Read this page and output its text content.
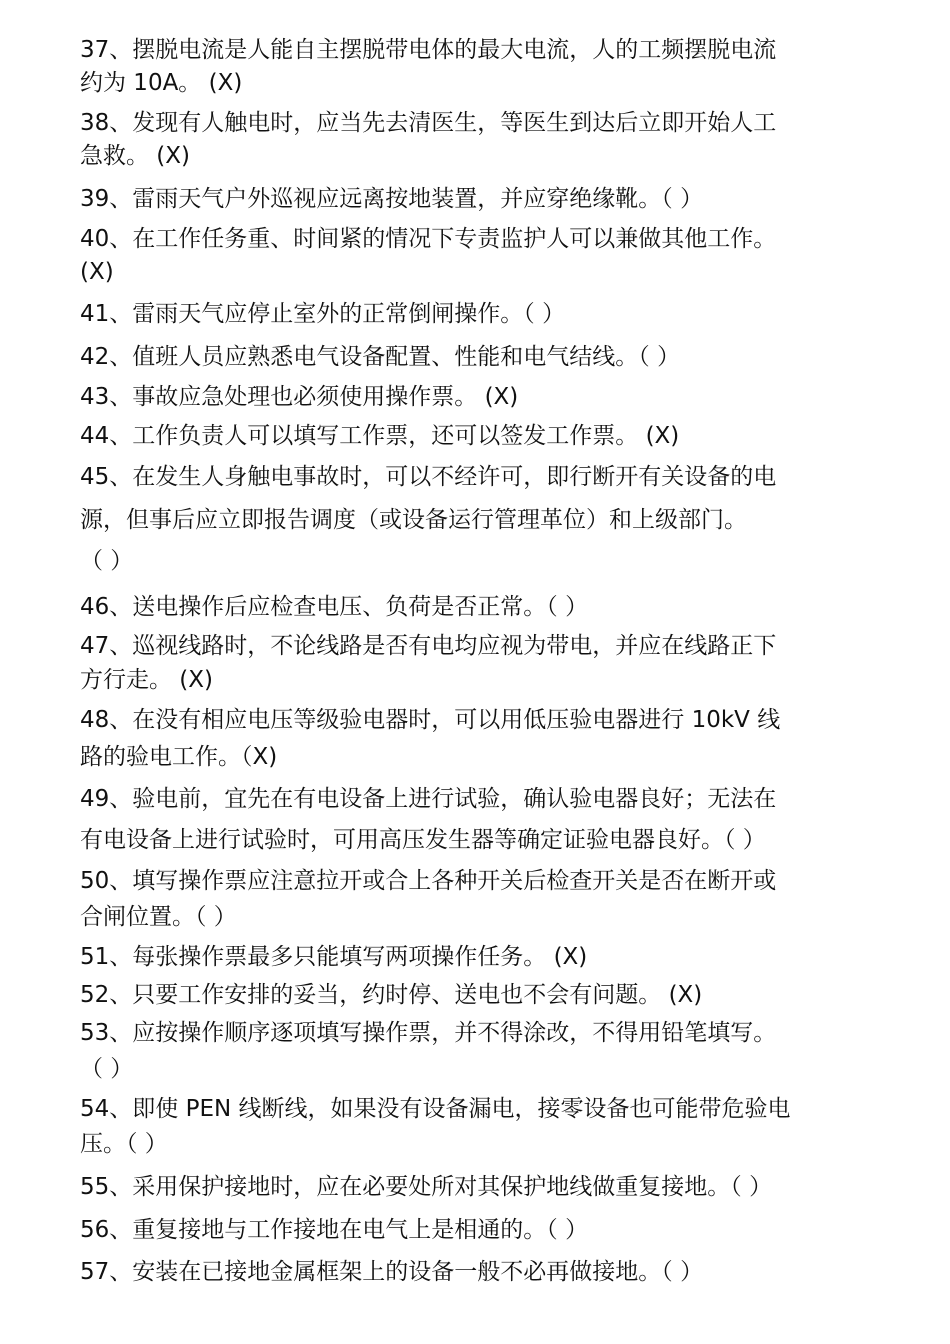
37、摆脱电流是人能自主摆脱带电体的最大电流，人的工频摆脱电流
约为 10A。 (X)
38、发现有人触电时，应当先去清医生，等医生到达后立即开始人工
急救。 (X)
39、雷雨天气户外巡视应远离按地装置，并应穿绝缘靴。（ ）
40、在工作任务重、时间紧的情况下专责监护人可以兼做其他工作。
(X)
41、雷雨天气应停止室外的正常倒闸操作。（ ）
42、值班人员应熟悉电气设备配置、性能和电气结线。（ ）
43、事故应急处理也必须使用操作票。 (X)
44、工作负责人可以填写工作票，还可以签发工作票。 (X)
45、在发生人身触电事故时，可以不经许可，即行断开有关设备的电
源，但事后应立即报告调度（或设备运行管理革位）和上级部门。
（ ）
46、送电操作后应检查电压、负荷是否正常。（ ）
47、巡视线路时，不论线路是否有电均应视为带电，并应在线路正下
方行走。 (X)
48、在没有相应电压等级验电器时，可以用低压验电器进行 10kV 线
路的验电工作。（X)
49、验电前，宜先在有电设备上进行试验，确认验电器良好；无法在
有电设备上进行试验时，可用高压发生器等确定证验电器良好。（ ）
50、填写操作票应注意拉开或合上各种开关后检查开关是否在断开或
合闸位置。（ ）
51、每张操作票最多只能填写两项操作任务。 (X)
52、只要工作安排的妥当，约时停、送电也不会有问题。 (X)
53、应按操作顺序逐项填写操作票，并不得涂改，不得用铅笔填写。
（ ）
54、即使 PEN 线断线，如果没有设备漏电，接零设备也可能带危验电
压。（ ）
55、采用保护接地时，应在必要处所对其保护地线做重复接地。（ ）
56、重复接地与工作接地在电气上是相通的。（ ）
57、安装在已接地金属框架上的设备一般不必再做接地。（ ）
